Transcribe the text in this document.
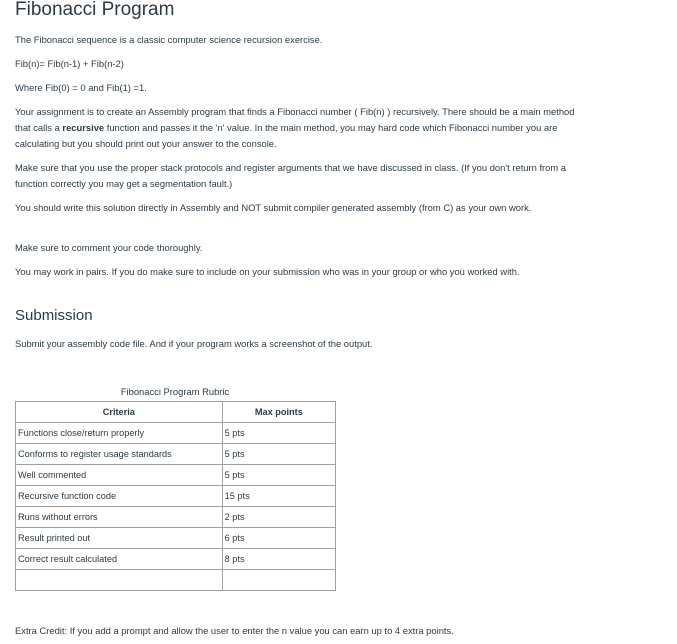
Fibonacci Program

The Fibonacci sequence is a classic computer science recursion exercise.

Fib(n)= Fib(n-1) + Fib(n-2)

Where Fib(0) = 0 and Fib(1) =1.

Your assignment is to create an Assembly program that finds a Fibonacci number ( Fib(n) ) recursively. There should be a main method that calls a recursive function and passes it the 'n' value. In the main method, you may hard code which Fibonacci number you are calculating but you should print out your answer to the console.

Make sure that you use the proper stack protocols and register arguments that we have discussed in class. (If you don't return from a function correctly you may get a segmentation fault.)

You should write this solution directly in Assembly and NOT submit compiler generated assembly (from C) as your own work.

Make sure to comment your code thoroughly.

You may work in pairs. If you do make sure to include on your submission who was in your group or who you worked with.

Submission

Submit your assembly code file. And if your program works a screenshot of the output.

Fibonacci Program Rubric
Criteria	Max points
Functions close/return properly	5 pts
Conforms to register usage standards	5 pts
Well commented	5 pts
Recursive function code	15 pts
Runs without errors	2 pts
Result printed out	6 pts
Correct result calculated	8 pts

Extra Credit: If you add a prompt and allow the user to enter the n value you can earn up to 4 extra points.
